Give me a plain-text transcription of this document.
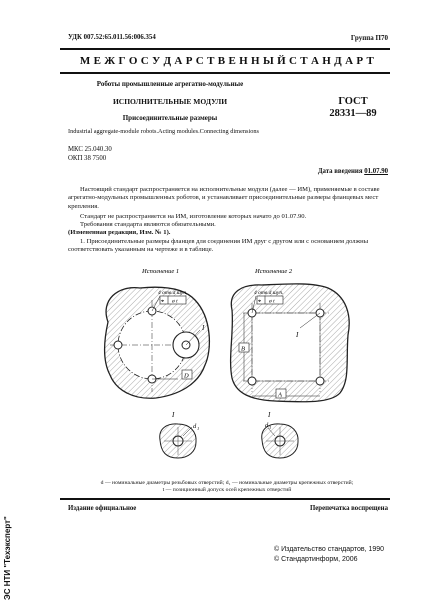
УДК 007.52:65.011.56:006.354	Группа П70
М Е Ж Г О С У Д А Р С Т В Е Н Н Ы Й С Т А Н Д А Р Т
Роботы промышленные агрегатно-модульные
ИСПОЛНИТЕЛЬНЫЕ МОДУЛИ
Присоединительные размеры
ГОСТ
28331—89
Industrial aggregate-module robots.Acting modules.Connecting dimensions
МКС 25.040.30
ОКП 38 7500
Дата введения 01.07.90
Настоящий стандарт распространяется на исполнительные модули (далее — ИМ), применяемые в составе агрегатно-модульных промышленных роботов, и устанавливает присоединительные размеры фланцевых мест крепления.
Стандарт не распространяется на ИМ, изготовление которых начато до 01.07.90.
Требования стандарта являются обязательными.
(Измененная редакция, Изм. № 1).
1. Присоединительные размеры фланцев для соединения ИМ друг с другом или с основанием должны соответствовать указанным на чертеже и в таблице.
Исполнение 1
4 отв.d шуп.
⌖ ø t
I
D
Исполнение 2
4 отв.d шуп.
⌖ ø t
I
A
B
I
d 1
I
d 1
d — номинальные диаметры резьбовых отверстий; d₁ — номинальные диаметры крепежных отверстий;
t — позиционный допуск осей крепежных отверстий
Издание официальное	Перепечатка воспрещена
© Издательство стандартов, 1990
© Стандартинформ, 2006
ЭС НТИ "Техэксперт"
